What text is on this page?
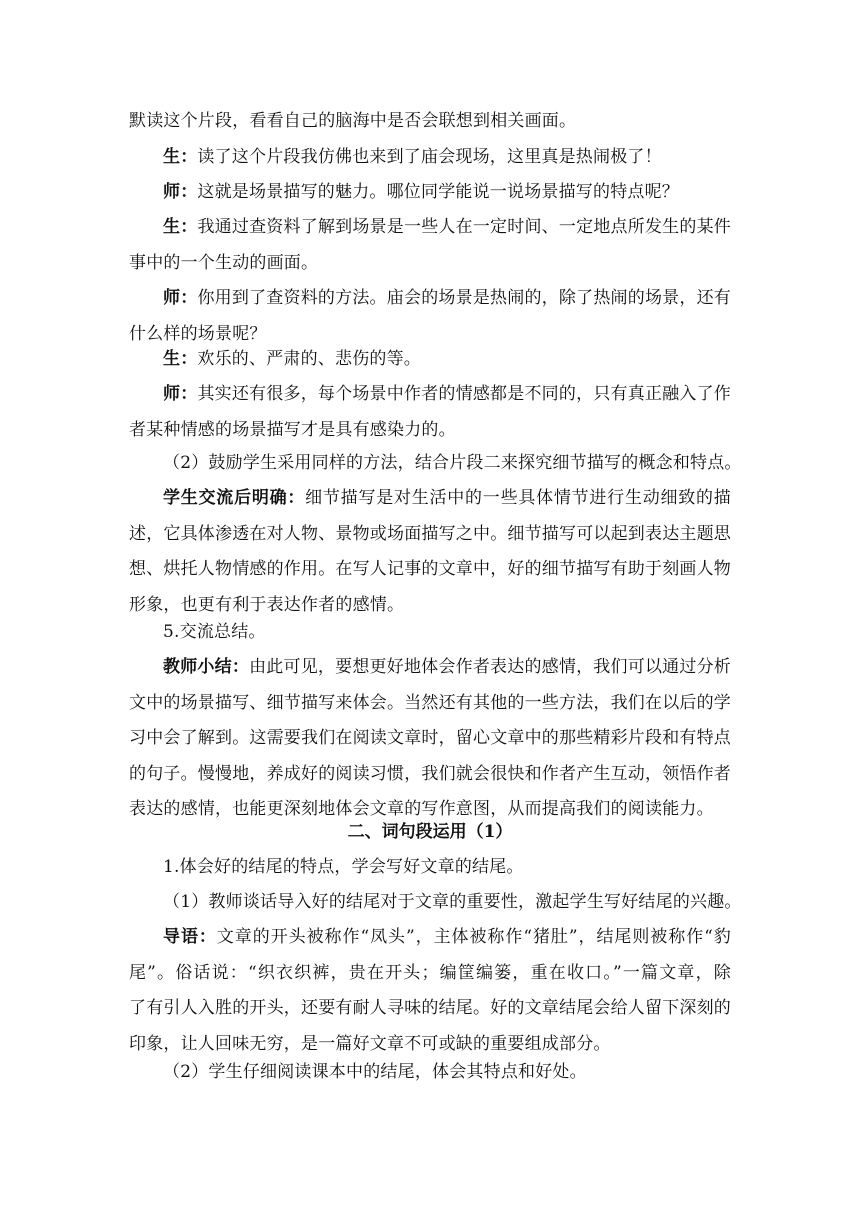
默读这个片段，看看自己的脑海中是否会联想到相关画面。

生：读了这个片段我仿佛也来到了庙会现场，这里真是热闹极了！

师：这就是场景描写的魅力。哪位同学能说一说场景描写的特点呢？

生：我通过查资料了解到场景是一些人在一定时间、一定地点所发生的某件
事中的一个生动的画面。

师：你用到了查资料的方法。庙会的场景是热闹的，除了热闹的场景，还有
什么样的场景呢？

生：欢乐的、严肃的、悲伤的等。

师：其实还有很多，每个场景中作者的情感都是不同的，只有真正融入了作
者某种情感的场景描写才是具有感染力的。

（2）鼓励学生采用同样的方法，结合片段二来探究细节描写的概念和特点。

学生交流后明确：细节描写是对生活中的一些具体情节进行生动细致的描
述，它具体渗透在对人物、景物或场面描写之中。细节描写可以起到表达主题思
想、烘托人物情感的作用。在写人记事的文章中，好的细节描写有助于刻画人物
形象，也更有利于表达作者的感情。

5.交流总结。

教师小结：由此可见，要想更好地体会作者表达的感情，我们可以通过分析
文中的场景描写、细节描写来体会。当然还有其他的一些方法，我们在以后的学
习中会了解到。这需要我们在阅读文章时，留心文章中的那些精彩片段和有特点
的句子。慢慢地，养成好的阅读习惯，我们就会很快和作者产生互动，领悟作者
表达的感情，也能更深刻地体会文章的写作意图，从而提高我们的阅读能力。

二、词句段运用（1）

1.体会好的结尾的特点，学会写好文章的结尾。

（1）教师谈话导入好的结尾对于文章的重要性，激起学生写好结尾的兴趣。

导语：文章的开头被称作“凤头”，主体被称作“猪肚”，结尾则被称作“豹
尾”。俗话说：“织衣织裤，贵在开头；编筐编篓，重在收口。”一篇文章，除
了有引人入胜的开头，还要有耐人寻味的结尾。好的文章结尾会给人留下深刻的
印象，让人回味无穷，是一篇好文章不可或缺的重要组成部分。

（2）学生仔细阅读课本中的结尾，体会其特点和好处。
